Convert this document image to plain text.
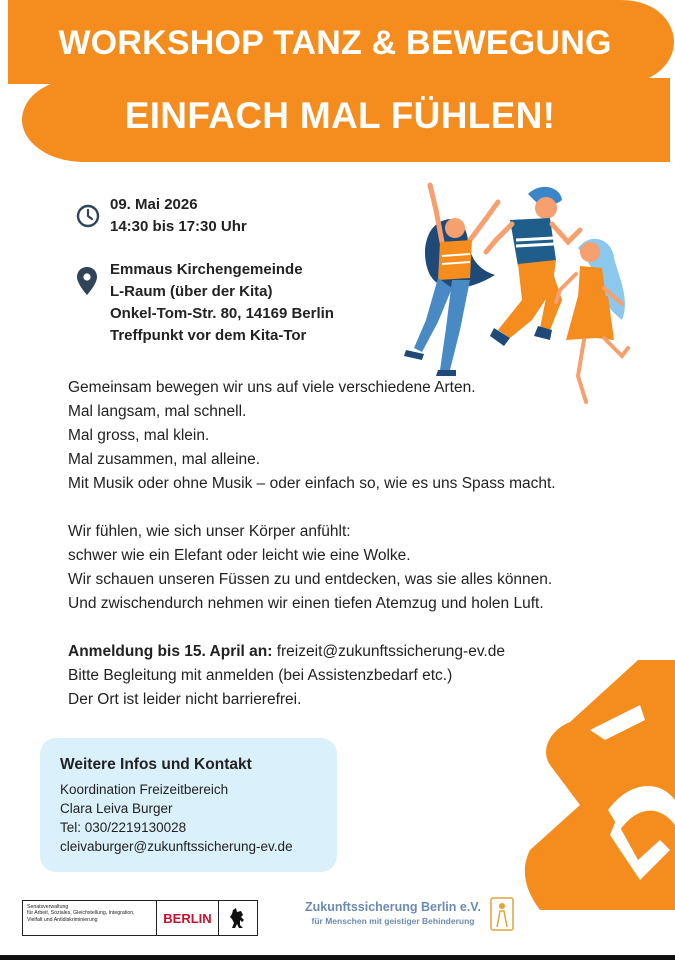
WORKSHOP TANZ & BEWEGUNG
EINFACH MAL FÜHLEN!
09. Mai 2026
14:30 bis 17:30 Uhr
Emmaus Kirchengemeinde
L-Raum (über der Kita)
Onkel-Tom-Str. 80, 14169 Berlin
Treffpunkt vor dem Kita-Tor
Gemeinsam bewegen wir uns auf viele verschiedene Arten.
Mal langsam, mal schnell.
Mal gross, mal klein.
Mal zusammen, mal alleine.
Mit Musik oder ohne Musik – oder einfach so, wie es uns Spass macht.
Wir fühlen, wie sich unser Körper anfühlt:
schwer wie ein Elefant oder leicht wie eine Wolke.
Wir schauen unseren Füssen zu und entdecken, was sie alles können.
Und zwischendurch nehmen wir einen tiefen Atemzug und holen Luft.
Anmeldung bis 15. April an: freizeit@zukunftssicherung-ev.de
Bitte Begleitung mit anmelden (bei Assistenzbedarf etc.)
Der Ort ist leider nicht barrierefrei.
Weitere Infos und Kontakt
Koordination Freizeitbereich
Clara Leiva Burger
Tel: 030/2219130028
cleivaburger@zukunftssicherung-ev.de
Senatsverwaltung
für Arbeit, Soziales, Gleichstellung, Integration,
Vielfalt und Antidiskriminierung	BERLIN
Zukunftssicherung Berlin e.V.
für Menschen mit geistiger Behinderung
